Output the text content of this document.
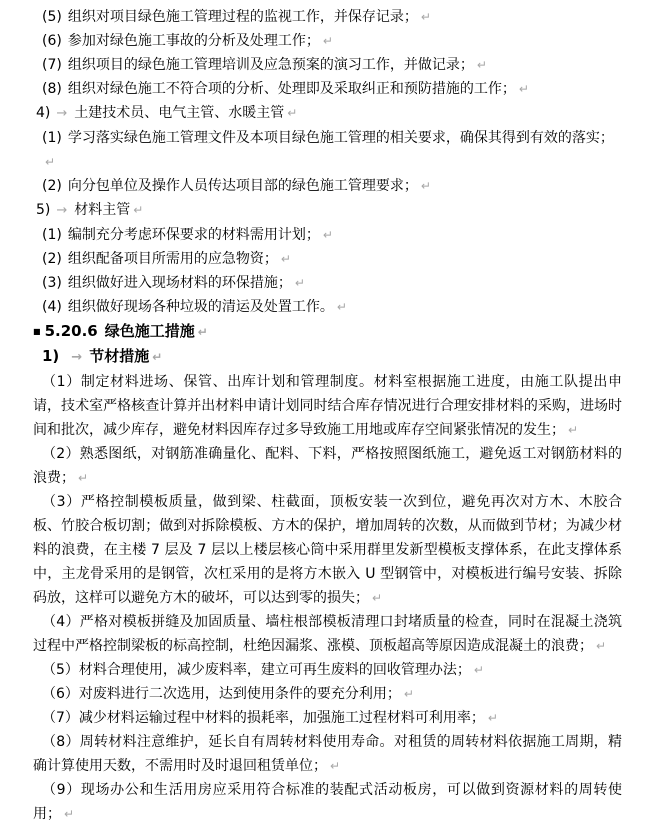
(5) 组织对项目绿色施工管理过程的监视工作，并保存记录； ↵
(6) 参加对绿色施工事故的分析及处理工作； ↵
(7) 组织项目的绿色施工管理培训及应急预案的演习工作，并做记录； ↵
(8) 组织对绿色施工不符合项的分析、处理即及采取纠正和预防措施的工作； ↵
4) → 土建技术员、电气主管、水暖主管 ↵
(1) 学习落实绿色施工管理文件及本项目绿色施工管理的相关要求，确保其得到有效的落实；↵
(2) 向分包单位及操作人员传达项目部的绿色施工管理要求； ↵
5) → 材料主管 ↵
(1) 编制充分考虑环保要求的材料需用计划； ↵
(2) 组织配备项目所需用的应急物资； ↵
(3) 组织做好进入现场材料的环保措施； ↵
(4) 组织做好现场各种垃圾的清运及处置工作。 ↵
■ 5.20.6 绿色施工措施 ↵
1) → 节材措施 ↵
（1）制定材料进场、保管、出库计划和管理制度。材料室根据施工进度，由施工队提出申请，技术室严格核查计算并出材料申请计划同时结合库存情况进行合理安排材料的采购，进场时间和批次，减少库存，避免材料因库存过多导致施工用地或库存空间紧张情况的发生； ↵
（2）熟悉图纸，对钢筋准确量化、配料、下料，严格按照图纸施工，避免返工对钢筋材料的浪费； ↵
（3）严格控制模板质量，做到梁、柱截面，顶板安装一次到位，避免再次对方木、木胶合板、竹胶合板切割；做到对拆除模板、方木的保护，增加周转的次数，从而做到节材；为减少材料的浪费，在主楼 7 层及 7 层以上楼层核心筒中采用群里发新型模板支撑体系，在此支撑体系中，主龙骨采用的是钢管，次杠采用的是将方木嵌入 U 型钢管中，对模板进行编号安装、拆除码放，这样可以避免方木的破坏，可以达到零的损失； ↵
（4）严格对模板拼缝及加固质量、墙柱根部模板清理口封堵质量的检查，同时在混凝土浇筑过程中严格控制梁板的标高控制，杜绝因漏浆、涨模、顶板超高等原因造成混凝土的浪费； ↵
（5）材料合理使用，减少废料率，建立可再生废料的回收管理办法； ↵
（6）对废料进行二次选用，达到使用条件的要充分利用； ↵
（7）减少材料运输过程中材料的损耗率，加强施工过程材料可利用率； ↵
（8）周转材料注意维护，延长自有周转材料使用寿命。对租赁的周转材料依据施工周期，精确计算使用天数，不需用时及时退回租赁单位； ↵
（9）现场办公和生活用房应采用符合标准的装配式活动板房，可以做到资源材料的周转使用； ↵
